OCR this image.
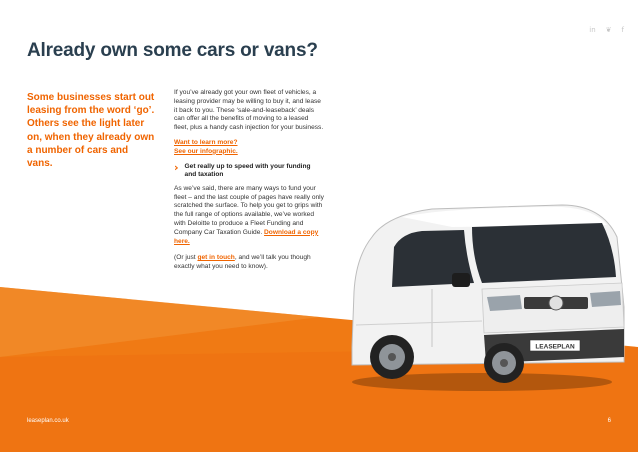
in ❦ f
Already own some cars or vans?
Some businesses start out leasing from the word ‘go’. Others see the light later on, when they already own a number of cars and vans.

If you’ve already got your own fleet of vehicles, a leasing provider may be willing to buy it, and lease it back to you. These ‘sale-and-leaseback’ deals can offer all the benefits of moving to a leased fleet, plus a handy cash injection for your business.

Want to learn more?
See our infographic.

› Get really up to speed with your funding and taxation

As we’ve said, there are many ways to fund your fleet – and the last couple of pages have really only scratched the surface. To help you get to grips with the full range of options available, we’ve worked with Deloitte to produce a Fleet Funding and Company Car Taxation Guide. Download a copy here.

(Or just get in touch, and we’ll talk you though exactly what you need to know).

LEASEPLAN
leaseplan.co.uk	6
